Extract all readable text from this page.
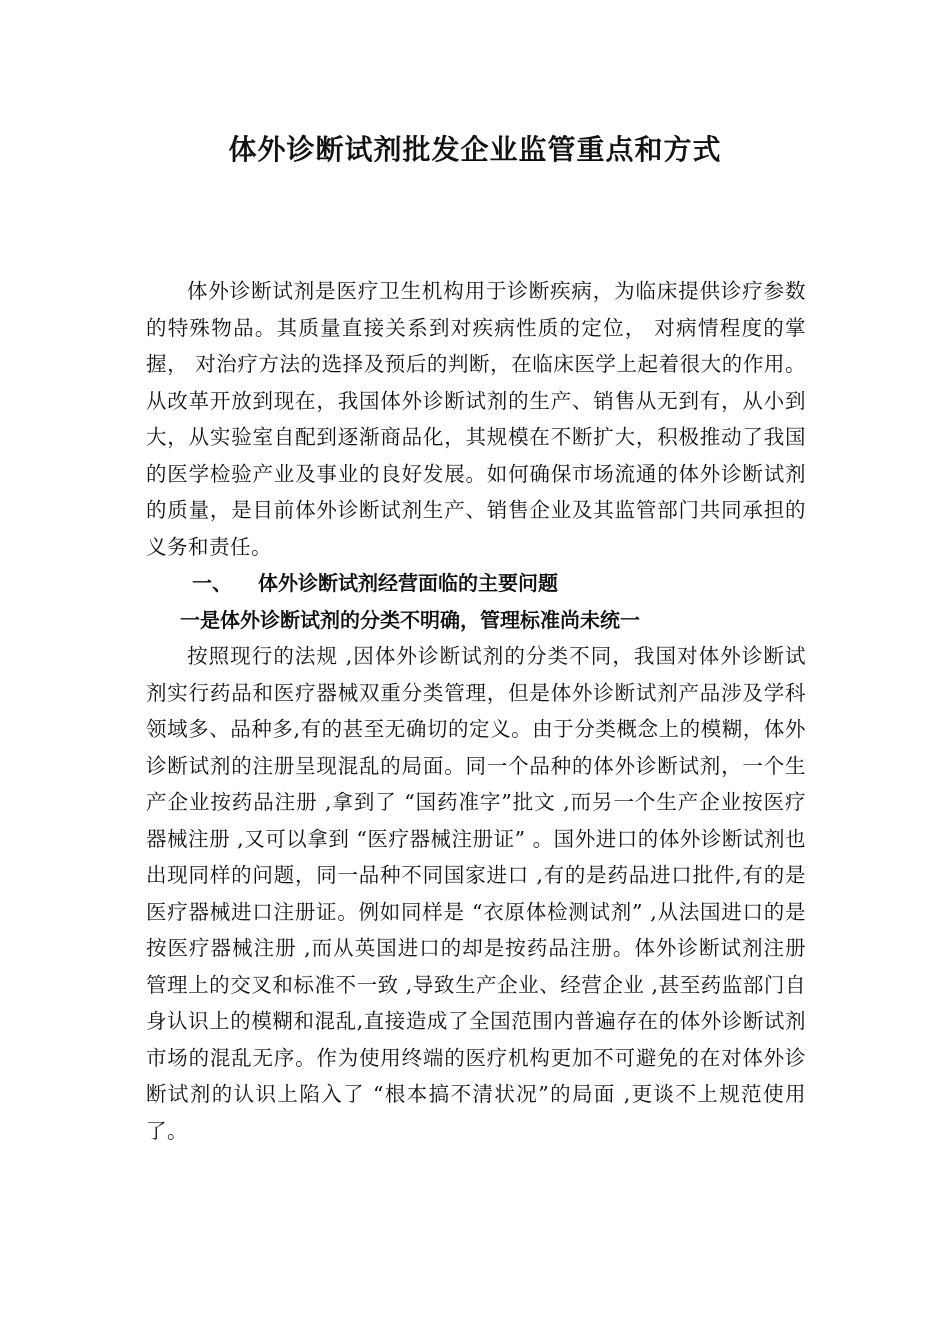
体外诊断试剂批发企业监管重点和方式

体外诊断试剂是医疗卫生机构用于诊断疾病，为临床提供诊疗参数的特殊物品。其质量直接关系到对疾病性质的定位， 对病情程度的掌握， 对治疗方法的选择及预后的判断，在临床医学上起着很大的作用。从改革开放到现在，我国体外诊断试剂的生产、销售从无到有，从小到大，从实验室自配到逐渐商品化，其规模在不断扩大，积极推动了我国的医学检验产业及事业的良好发展。如何确保市场流通的体外诊断试剂的质量，是目前体外诊断试剂生产、销售企业及其监管部门共同承担的义务和责任。

一、 体外诊断试剂经营面临的主要问题
一是体外诊断试剂的分类不明确，管理标准尚未统一

按照现行的法规 ,因体外诊断试剂的分类不同，我国对体外诊断试剂实行药品和医疗器械双重分类管理，但是体外诊断试剂产品涉及学科领域多、品种多,有的甚至无确切的定义。由于分类概念上的模糊，体外诊断试剂的注册呈现混乱的局面。同一个品种的体外诊断试剂，一个生产企业按药品注册 ,拿到了 “国药准字”批文 ,而另一个生产企业按医疗器械注册 ,又可以拿到 “医疗器械注册证” 。国外进口的体外诊断试剂也出现同样的问题，同一品种不同国家进口 ,有的是药品进口批件,有的是医疗器械进口注册证。例如同样是 “衣原体检测试剂” ,从法国进口的是按医疗器械注册 ,而从英国进口的却是按药品注册。体外诊断试剂注册管理上的交叉和标准不一致 ,导致生产企业、经营企业 ,甚至药监部门自身认识上的模糊和混乱,直接造成了全国范围内普遍存在的体外诊断试剂市场的混乱无序。作为使用终端的医疗机构更加不可避免的在对体外诊断试剂的认识上陷入了 “根本搞不清状况”的局面 ,更谈不上规范使用了。
